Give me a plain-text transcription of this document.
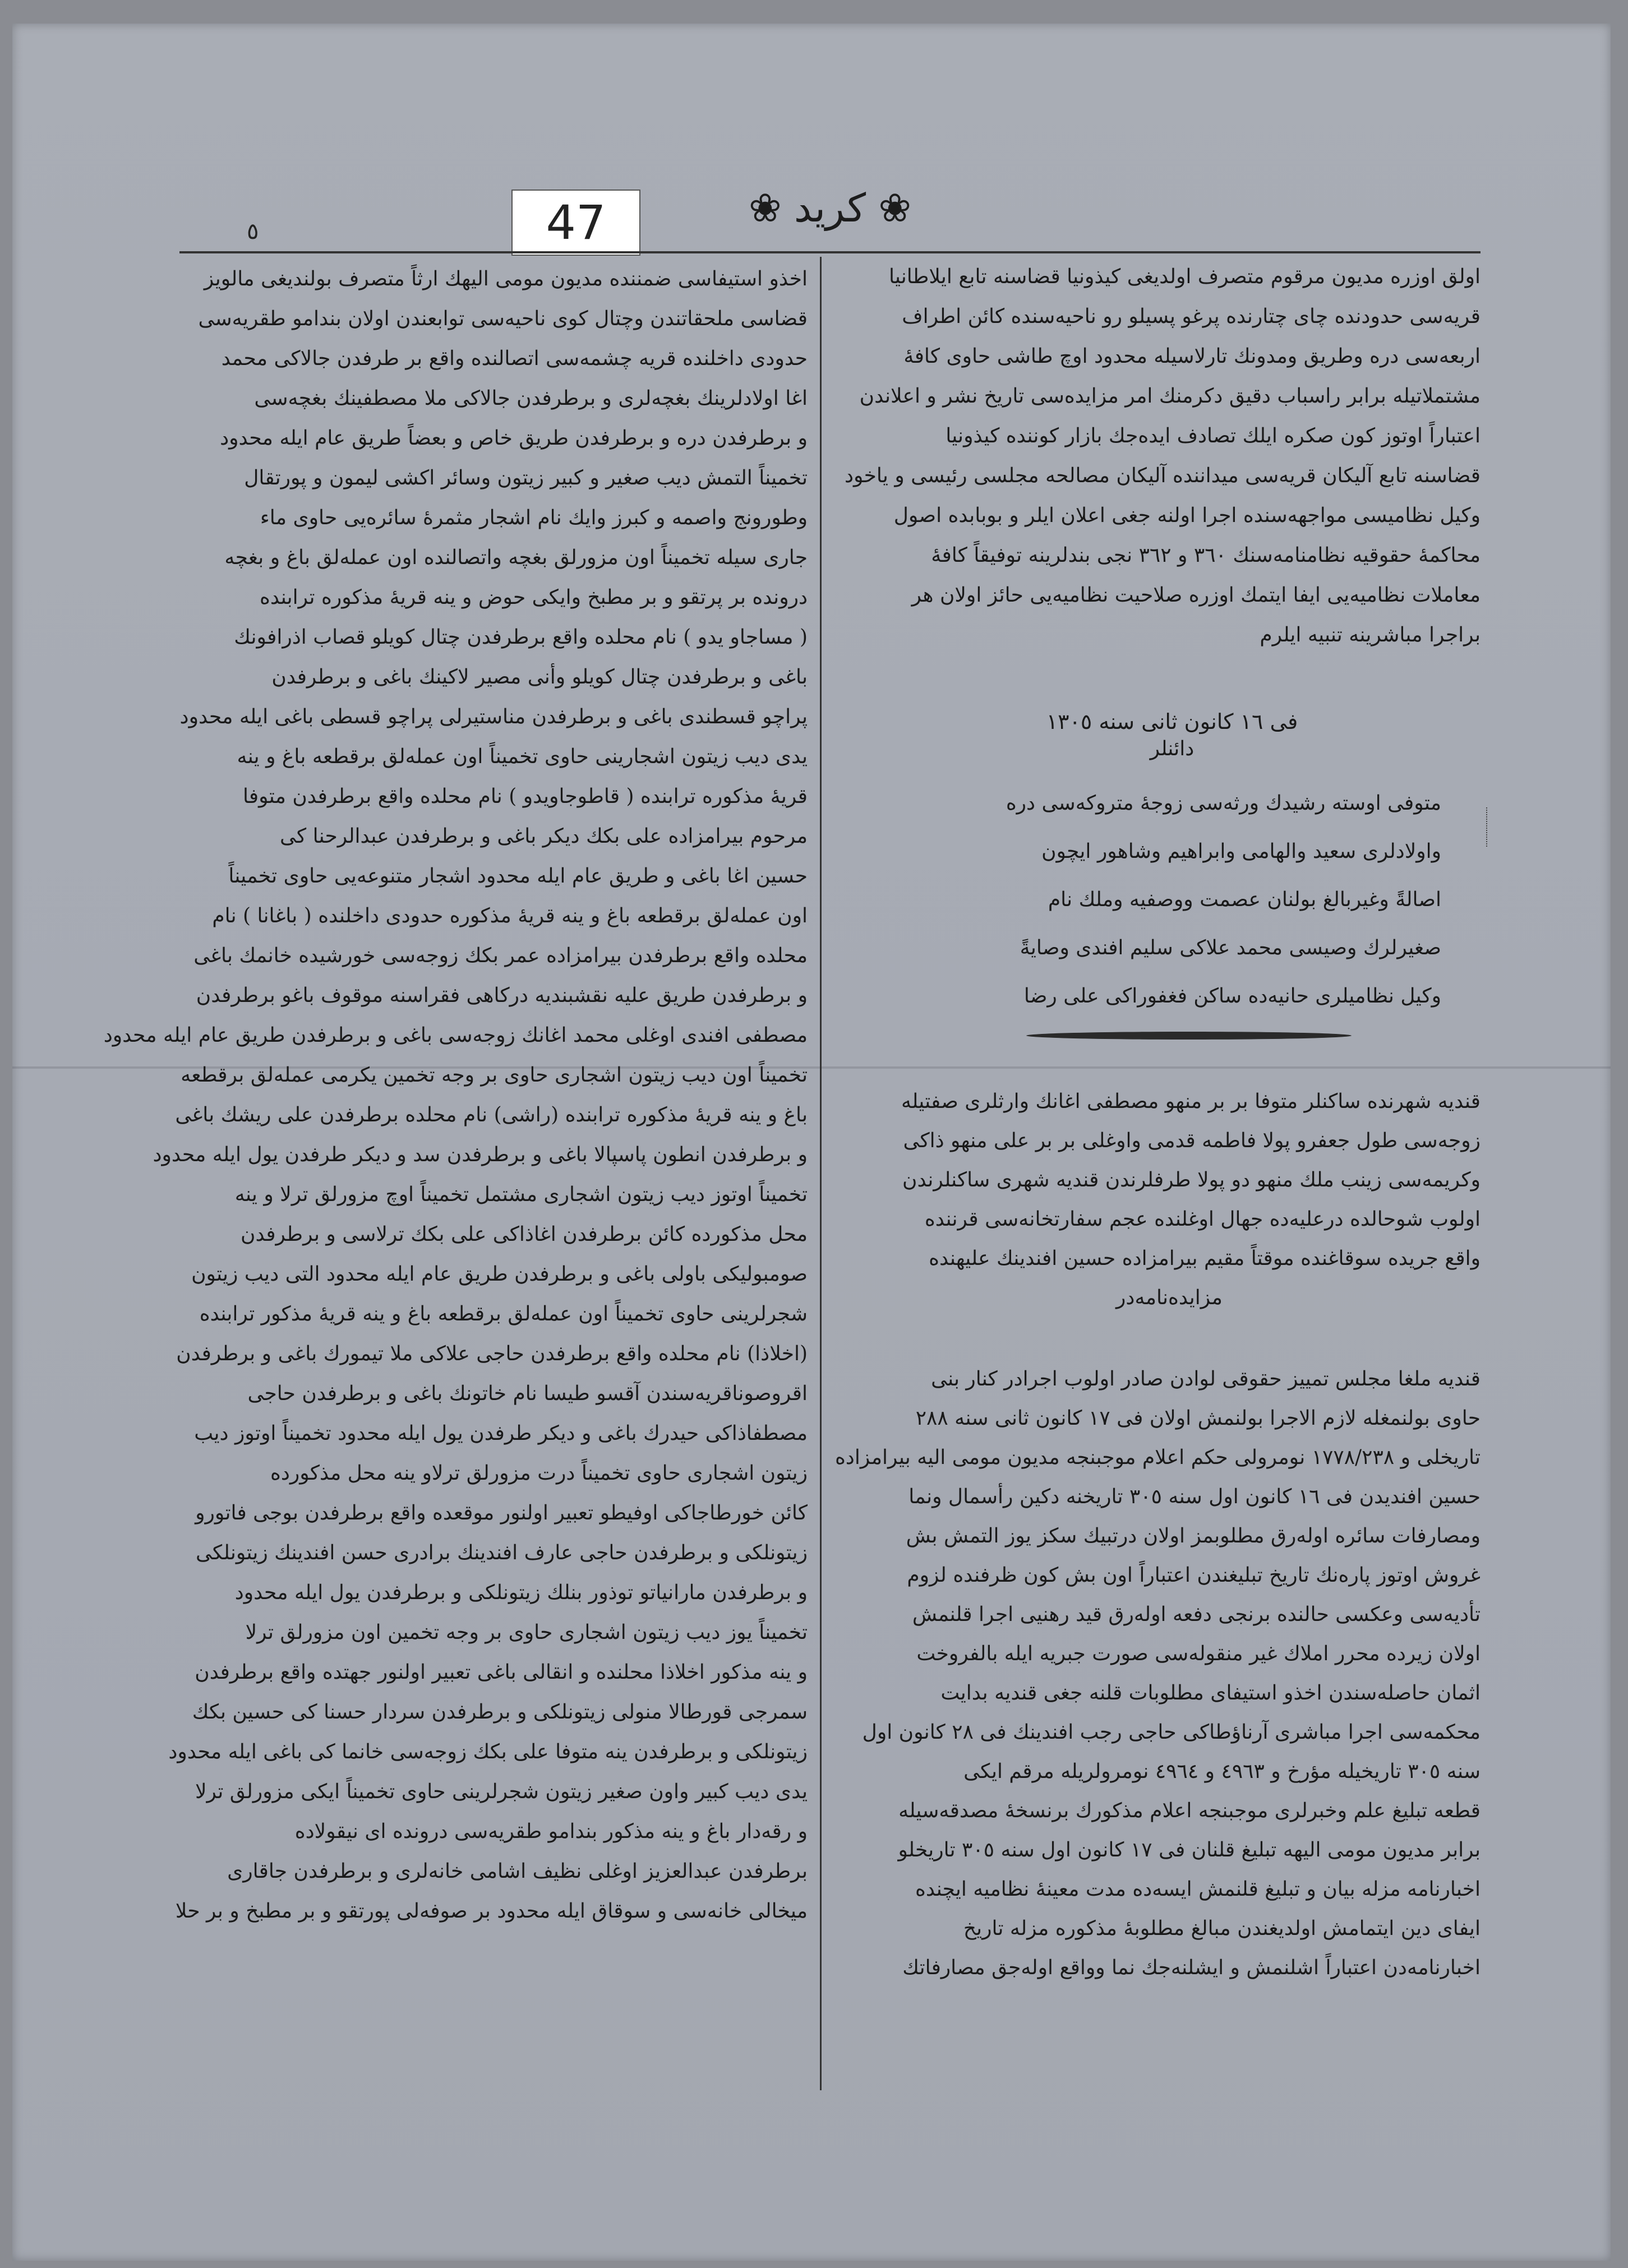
47	❀ کرید ❀
٥
اولق اوزره مدیون مرقوم متصرف اولدیغی کیذونیا قضاسنه تابع ایلاطانیا
قریه‌سی حدودنده چای چتارنده پرغو پسیلو رو ناحیه‌سنده کائن اطراف
اربعه‌سی دره وطریق ومدونك تارلاسیله محدود اوچ طاشی حاوی کافهٔ
مشتملاتیله برابر راسباب دقیق دکرمنك امر مزایده‌سی تاریخ نشر و اعلاندن
اعتباراً اوتوز کون صکره ایلك تصادف ایده‌جك بازار کوننده کیذونیا
قضاسنه تابع آلیکان قریه‌سی میداننده آلیکان مصالحه مجلسی رئیسی و یاخود
وکیل نظامیسی مواجهه‌سنده اجرا اولنه جغی اعلان ایلر و بوبابده اصول
محاکمهٔ حقوقیه نظامنامه‌سنك ٣٦٠ و ٣٦٢ نجی بندلرینه توفیقاً کافهٔ
معاملات نظامیه‌یی ایفا ایتمك اوزره صلاحیت نظامیه‌یی حائز اولان هر
براجرا مباشرینه تنبیه ایلرم
فی ١٦ کانون ثانی سنه ١٣٠٥
دائنلر
متوفی اوسته رشیدك ورثه‌سی زوجهٔ متروکه‌سی دره
واولادلری سعید والهامی وابراهیم وشاهور ایچون
اصالةً وغیربالغ بولنان عصمت ووصفیه وملك نام
صغیرلرك وصیسی محمد علاکی سلیم افندی وصایةً
وکیل نظامیلری حانیه‌ده ساکن فغفوراکی علی رضا
قندیه شهرنده ساکنلر متوفا بر بر منهو مصطفی اغانك وارثلری صفتیله
زوجه‌سی طول جعفرو پولا فاطمه قدمی واوغلی بر بر علی منهو ذاکی
وکریمه‌سی زینب ملك منهو دو پولا طرفلرندن قندیه شهری ساکنلرندن
اولوب شوحالده درعلیه‌ده جهال اوغلنده عجم سفارتخانه‌سی قرننده
واقع جریده سوقاغنده موقتاً مقیم بیرامزاده حسین افندینك علیهنده
مزایده‌نامه‌در
قندیه ملغا مجلس تمییز حقوقی لوادن صادر اولوب اجرادر کنار بنی
حاوی بولنمغله لازم الاجرا بولنمش اولان فی ١٧ کانون ثانی سنه ٢٨٨
تاریخلی و ١٧٧٨/٢٣٨ نومرولی حکم اعلام موجبنجه مدیون مومی الیه بیرامزاده
حسین افندیدن فی ١٦ کانون اول سنه ٣٠٥ تاریخنه دکین رأسمال ونما
ومصارفات سائره اوله‌رق مطلوبمز اولان درتبیك سکز یوز التمش بش
غروش اوتوز پاره‌نك تاریخ تبلیغندن اعتباراً اون بش کون ظرفنده لزوم
تأدیه‌سی وعکسی حالنده برنجی دفعه اوله‌رق قید رهنیی اجرا قلنمش
اولان زیرده محرر املاك غیر منقوله‌سی صورت جبریه ایله بالفروخت
اثمان حاصله‌سندن اخذو استیفای مطلوبات قلنه جغی قندیه بدایت
محکمه‌سی اجرا مباشری آرناؤطاکی حاجی رجب افندینك فی ٢٨ کانون اول
سنه ٣٠٥ تاریخیله مؤرخ و ٤٩٦٣ و ٤٩٦٤ نومرولریله مرقم ایکی
قطعه تبلیغ علم وخبرلری موجبنجه اعلام مذکورك برنسخهٔ مصدقه‌سیله
برابر مدیون مومی الیهه تبلیغ قلنان فی ١٧ کانون اول سنه ٣٠٥ تاریخلو
اخبارنامه مزله بیان و تبلیغ قلنمش ایسه‌ده مدت معینهٔ نظامیه ایچنده
ایفای دین ایتمامش اولدیغندن مبالغ مطلوبهٔ مذکوره مزله تاریخ
اخبارنامه‌دن اعتباراً اشلنمش و ایشلنه‌جك نما وواقع اوله‌جق مصارفاتك
اخذو استیفاسی ضمننده مدیون مومی الیهك ارثاً متصرف بولندیغی مالویز
قضاسی ملحقاتندن وچتال کوی ناحیه‌سی توابعندن اولان بندامو طقریه‌سی
حدودی داخلنده قریه چشمه‌سی اتصالنده واقع بر طرفدن جالاکی محمد
اغا اولادلرینك بغچه‌لری و برطرفدن جالاکی ملا مصطفینك بغچه‌سی
و برطرفدن دره و برطرفدن طریق خاص و بعضاً طریق عام ایله محدود
تخمیناً التمش دیب صغیر و کبیر زیتون وسائر اکشی لیمون و پورتقال
وطورونج واصمه و کبرز وایك نام اشجار مثمرهٔ سائره‌یی حاوی ماء
جاری سیله تخمیناً اون مزورلق بغچه واتصالنده اون عمله‌لق باغ و بغچه
درونده بر پرتقو و بر مطبخ وایکی حوض و ینه قریهٔ مذکوره ترابنده
( مساجاو یدو ) نام محلده واقع برطرفدن چتال کویلو قصاب اذرافونك
باغی و برطرفدن چتال کویلو وأنی مصیر لاکینك باغی و برطرفدن
پراچو قسطندی باغی و برطرفدن مناستیرلی پراچو قسطی باغی ایله محدود
یدی دیب زیتون اشجارینی حاوی تخمیناً اون عمله‌لق برقطعه باغ و ینه
قریهٔ مذکوره ترابنده ( قاطوجاویدو ) نام محلده واقع برطرفدن متوفا
مرحوم بیرامزاده علی بکك دیکر باغی و برطرفدن عبدالرحنا کی
حسین اغا باغی و طریق عام ایله محدود اشجار متنوعه‌یی حاوی تخمیناً
اون عمله‌لق برقطعه باغ و ینه قریهٔ مذکوره حدودی داخلنده ( باغانا ) نام
محلده واقع برطرفدن بیرامزاده عمر بکك زوجه‌سی خورشیده خانمك باغی
و برطرفدن طریق علیه نقشبندیه درکاهی فقراسنه موقوف باغو برطرفدن
مصطفی افندی اوغلی محمد اغانك زوجه‌سی باغی و برطرفدن طریق عام ایله محدود
تخمیناً اون دیب زیتون اشجاری حاوی بر وجه تخمین یکرمی عمله‌لق برقطعه
باغ و ینه قریهٔ مذکوره ترابنده (راشی) نام محلده برطرفدن علی ریشك باغی
و برطرفدن انطون پاسپالا باغی و برطرفدن سد و دیکر طرفدن یول ایله محدود
تخمیناً اوتوز دیب زیتون اشجاری مشتمل تخمیناً اوچ مزورلق ترلا و ینه
محل مذکورده کائن برطرفدن اغاذاکی علی بکك ترلاسی و برطرفدن
صومبولیکی باولی باغی و برطرفدن طریق عام ایله محدود التی دیب زیتون
شجرلرینی حاوی تخمیناً اون عمله‌لق برقطعه باغ و ینه قریهٔ مذکور ترابنده
(اخلاذا) نام محلده واقع برطرفدن حاجی علاکی ملا تیمورك باغی و برطرفدن
اقروصوناقریه‌سندن آقسو طیسا نام خاتونك باغی و برطرفدن حاجی
مصطفاذاکی حیدرك باغی و دیکر طرفدن یول ایله محدود تخمیناً اوتوز دیب
زیتون اشجاری حاوی تخمیناً درت مزورلق ترلاو ینه محل مذکورده
کائن خورطاجاکی اوفیطو تعبیر اولنور موقعده واقع برطرفدن بوجی فاتورو
زیتونلکی و برطرفدن حاجی عارف افندینك برادری حسن افندینك زیتونلکی
و برطرفدن مارانیاتو توذور بنلك زیتونلکی و برطرفدن یول ایله محدود
تخمیناً یوز دیب زیتون اشجاری حاوی بر وجه تخمین اون مزورلق ترلا
و ینه مذکور اخلاذا محلنده و انقالی باغی تعبیر اولنور جهتده واقع برطرفدن
سمرجی قورطالا منولی زیتونلکی و برطرفدن سردار حسنا کی حسین بکك
زیتونلکی و برطرفدن ینه متوفا علی بکك زوجه‌سی خانما کی باغی ایله محدود
یدی دیب کبیر واون صغیر زیتون شجرلرینی حاوی تخمیناً ایکی مزورلق ترلا
و رقه‌دار باغ و ینه مذکور بندامو طقریه‌سی درونده ای نیقولاده
برطرفدن عبدالعزیز اوغلی نظیف اشامی خانه‌لری و برطرفدن جاقاری
میخالی خانه‌سی و سوقاق ایله محدود بر صوفه‌لی پورتقو و بر مطبخ و بر حلا
